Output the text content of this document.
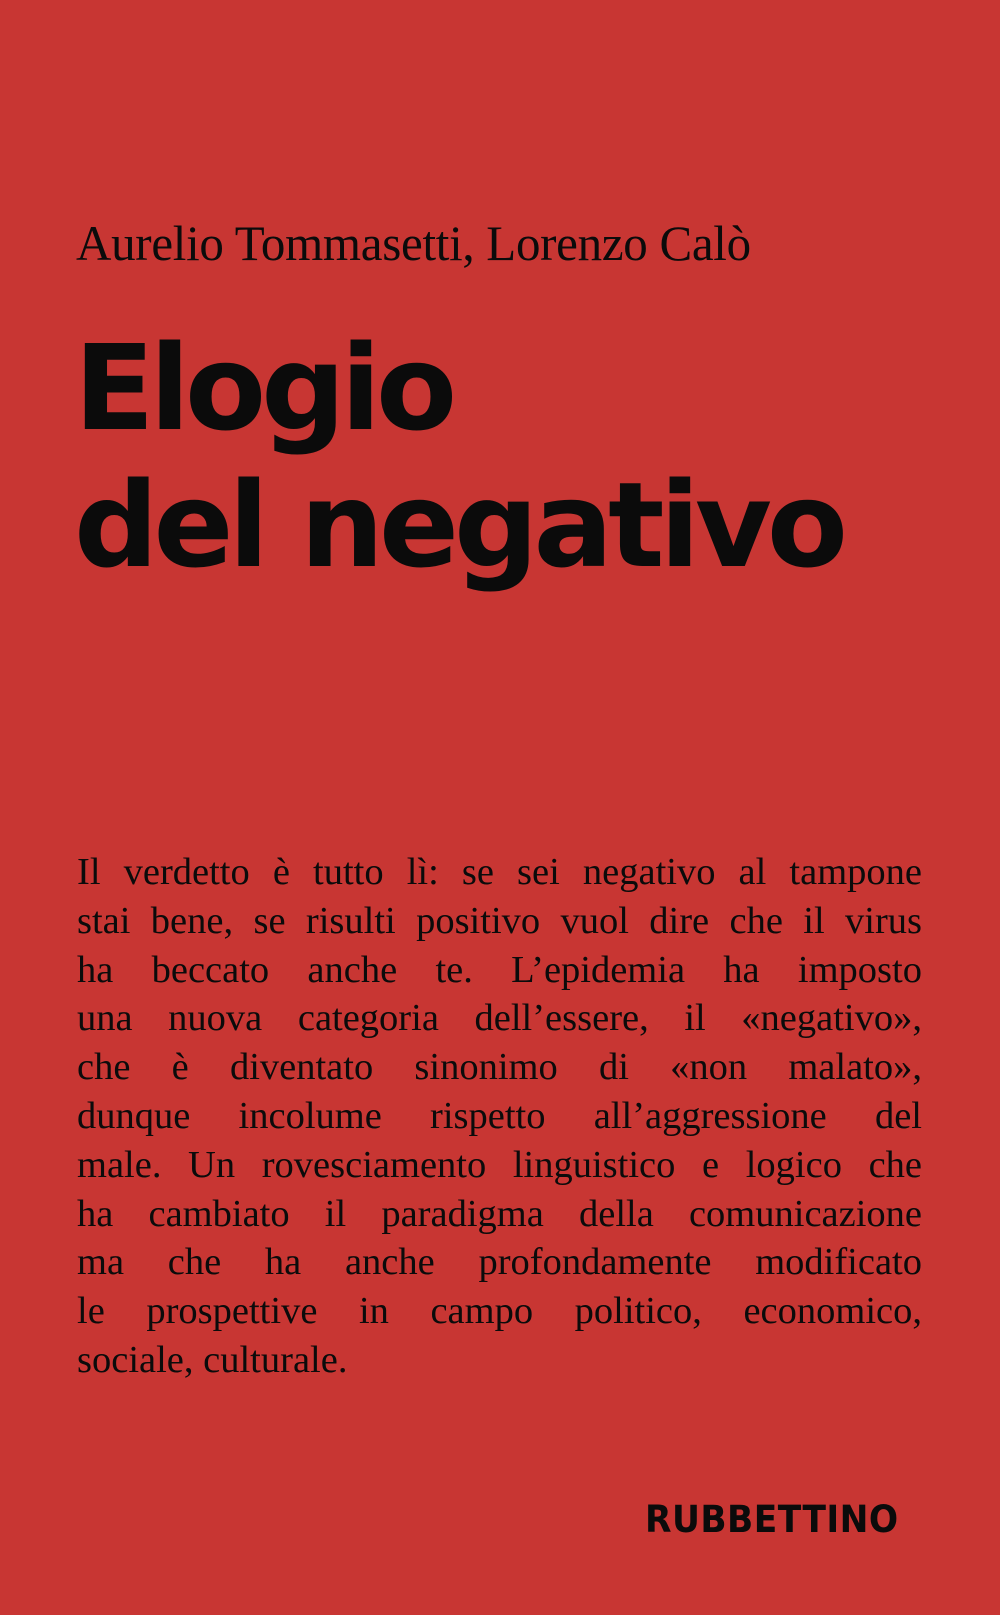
Aurelio Tommasetti, Lorenzo Calò
Elogio
del negativo
Il verdetto è tutto lì: se sei negativo al tampone
stai bene, se risulti positivo vuol dire che il virus
ha beccato anche te. L’epidemia ha imposto
una nuova categoria dell’essere, il «negativo»,
che è diventato sinonimo di «non malato»,
dunque incolume rispetto all’aggressione del
male. Un rovesciamento linguistico e logico che
ha cambiato il paradigma della comunicazione
ma che ha anche profondamente modificato
le prospettive in campo politico, economico,
sociale, culturale.
RUBBETTINO
